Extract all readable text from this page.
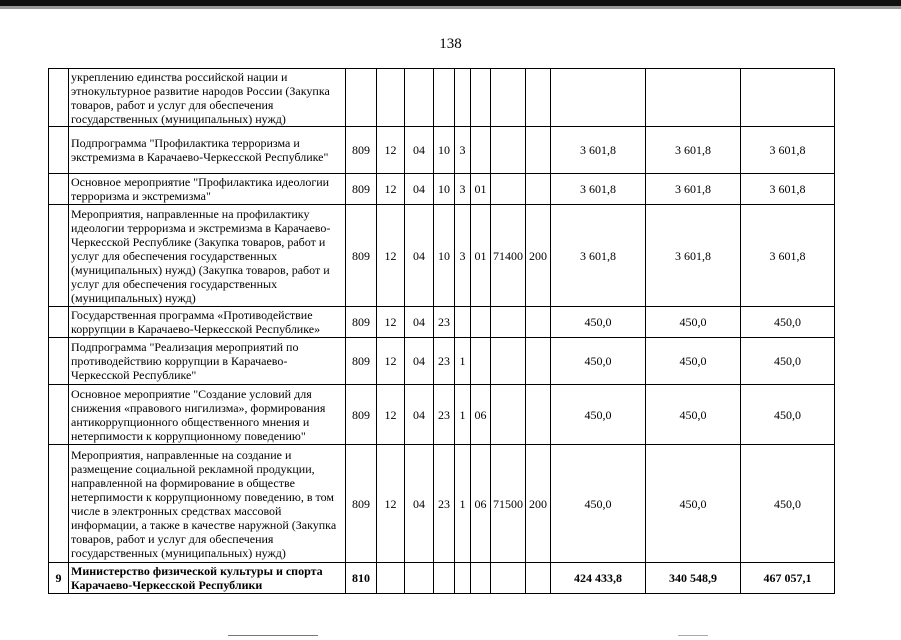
138
	укреплению единства российской нации и этнокультурное развитие народов России (Закупка товаров, работ и услуг для обеспечения государственных (муниципальных) нужд)											
	Подпрограмма "Профилактика терроризма и экстремизма в Карачаево-Черкесской Республике"	809	12	04	10	3				3 601,8	3 601,8	3 601,8
	Основное мероприятие "Профилактика идеологии терроризма и экстремизма"	809	12	04	10	3	01			3 601,8	3 601,8	3 601,8
	Мероприятия, направленные на профилактику идеологии терроризма и экстремизма в Карачаево-Черкесской Республике (Закупка товаров, работ и услуг для обеспечения государственных (муниципальных) нужд) (Закупка товаров, работ и услуг для обеспечения государственных (муниципальных) нужд)	809	12	04	10	3	01	71400	200	3 601,8	3 601,8	3 601,8
	Государственная программа «Противодействие коррупции в Карачаево-Черкесской Республике»	809	12	04	23					450,0	450,0	450,0
	Подпрограмма "Реализация мероприятий по противодействию коррупции в Карачаево-Черкесской Республике"	809	12	04	23	1				450,0	450,0	450,0
	Основное мероприятие "Создание условий для снижения «правового нигилизма», формирования антикоррупционного общественного мнения и нетерпимости к коррупционному поведению"	809	12	04	23	1	06			450,0	450,0	450,0
	Мероприятия, направленные на создание и размещение социальной рекламной продукции, направленной на формирование в обществе нетерпимости к коррупционному поведению, в том числе в электронных средствах массовой информации, а также в качестве наружной (Закупка товаров, работ и услуг для обеспечения государственных (муниципальных) нужд)	809	12	04	23	1	06	71500	200	450,0	450,0	450,0
9	Министерство физической культуры и спорта Карачаево-Черкесской Республики	810								424 433,8	340 548,9	467 057,1
